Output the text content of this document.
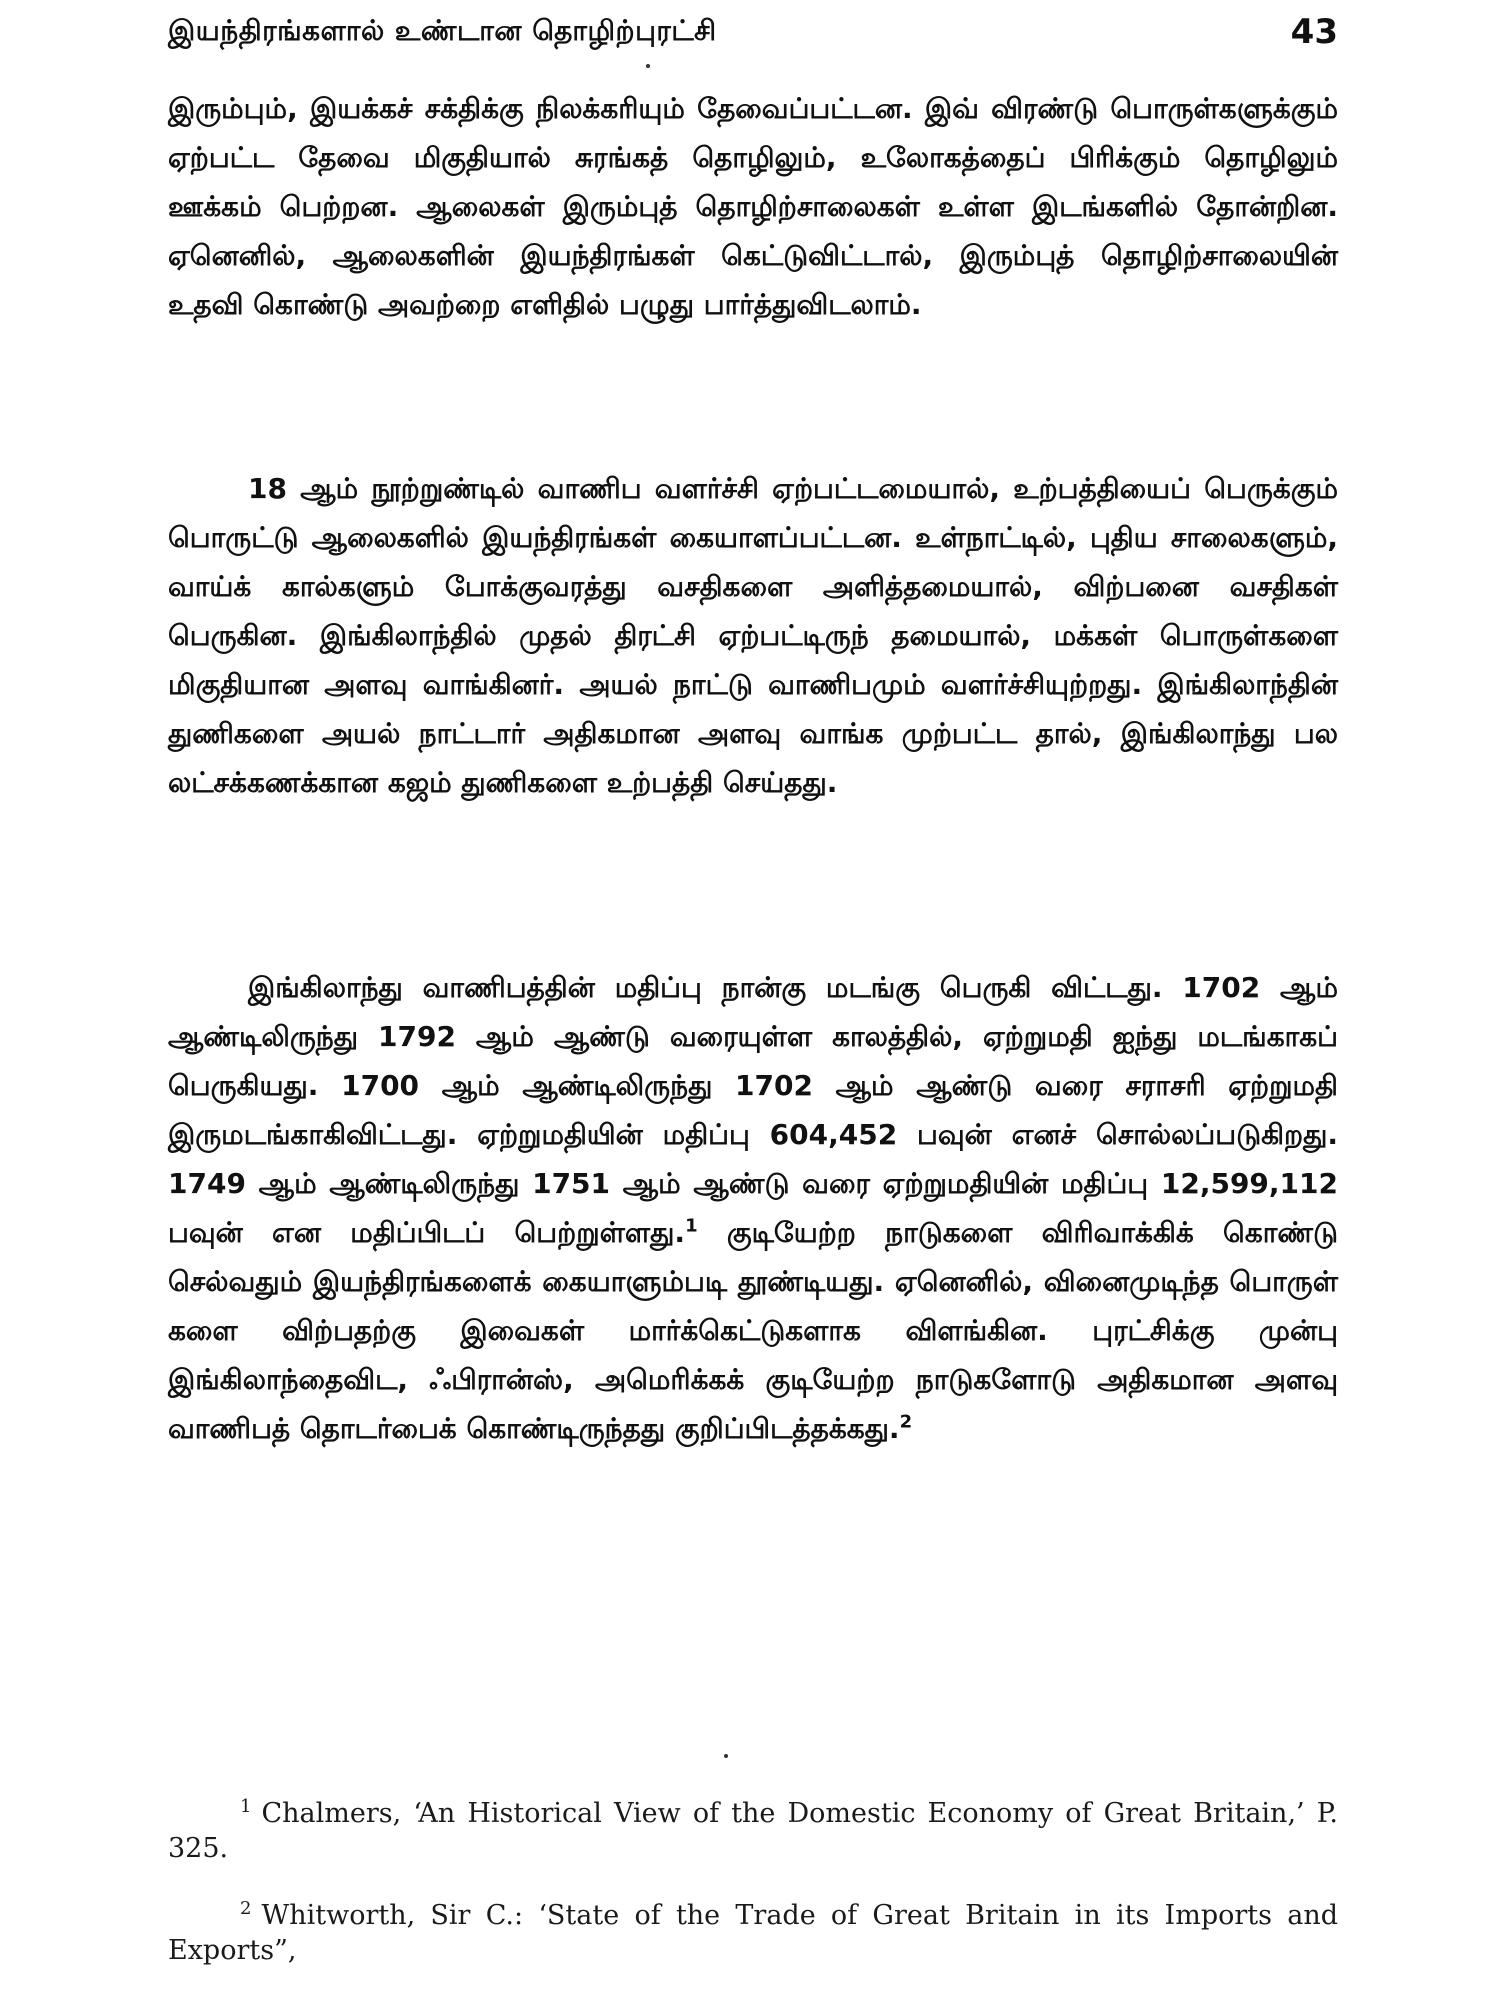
இயந்திரங்களால் உண்டான தொழிற்புரட்சி	43

இரும்பும், இயக்கச் சக்திக்கு நிலக்கரியும் தேவைப்பட்டன. இவ் விரண்டு பொருள்களுக்கும் ஏற்பட்ட தேவை மிகுதியால் சுரங்கத் தொழிலும், உலோகத்தைப் பிரிக்கும் தொழிலும் ஊக்கம் பெற்றன. ஆலைகள் இரும்புத் தொழிற்சாலைகள் உள்ள இடங்களில் தோன்றின. ஏனெனில், ஆலைகளின் இயந்திரங்கள் கெட்டுவிட்டால், இரும்புத் தொழிற்சாலையின் உதவி கொண்டு அவற்றை எளிதில் பழுது பார்த்துவிடலாம்.

18 ஆம் நூற்றுண்டில் வாணிப வளர்ச்சி ஏற்பட்டமையால், உற்பத்தியைப் பெருக்கும் பொருட்டு ஆலைகளில் இயந்திரங்கள் கையாளப்பட்டன. உள்நாட்டில், புதிய சாலைகளும், வாய்க் கால்களும் போக்குவரத்து வசதிகளை அளித்தமையால், விற்பனை வசதிகள் பெருகின. இங்கிலாந்தில் முதல் திரட்சி ஏற்பட்டிருந் தமையால், மக்கள் பொருள்களை மிகுதியான அளவு வாங்கினர். அயல் நாட்டு வாணிபமும் வளர்ச்சியுற்றது. இங்கிலாந்தின் துணிகளை அயல் நாட்டார் அதிகமான அளவு வாங்க முற்பட்ட தால், இங்கிலாந்து பல லட்சக்கணக்கான கஜம் துணிகளை உற்பத்தி செய்தது.

இங்கிலாந்து வாணிபத்தின் மதிப்பு நான்கு மடங்கு பெருகி விட்டது. 1702 ஆம் ஆண்டிலிருந்து 1792 ஆம் ஆண்டு வரையுள்ள காலத்தில், ஏற்றுமதி ஐந்து மடங்காகப் பெருகியது. 1700 ஆம் ஆண்டிலிருந்து 1702 ஆம் ஆண்டு வரை சராசரி ஏற்றுமதி இருமடங்காகிவிட்டது. ஏற்றுமதியின் மதிப்பு 604,452 பவுன் எனச் சொல்லப்படுகிறது. 1749 ஆம் ஆண்டிலிருந்து 1751 ஆம் ஆண்டு வரை ஏற்றுமதியின் மதிப்பு 12,599,112 பவுன் என மதிப்பிடப் பெற்றுள்ளது.$^1$ குடியேற்ற நாடுகளை விரிவாக்கிக் கொண்டு செல்வதும் இயந்திரங்களைக் கையாளும்படி தூண்டியது. ஏனெனில், வினைமுடிந்த பொருள் களை விற்பதற்கு இவைகள் மார்க்கெட்டுகளாக விளங்கின. புரட்சிக்கு முன்பு இங்கிலாந்தைவிட, ஃபிரான்ஸ், அமெரிக்கக் குடியேற்ற நாடுகளோடு அதிகமான அளவு வாணிபத் தொடர்பைக் கொண்டிருந்தது குறிப்பிடத்தக்கது.$^2$

$^1$ Chalmers, ‘An Historical View of the Domestic Economy of Great Britain,’ P. 325.

$^2$ Whitworth, Sir C.: ‘State of the Trade of Great Britain in its Imports and Exports”,
